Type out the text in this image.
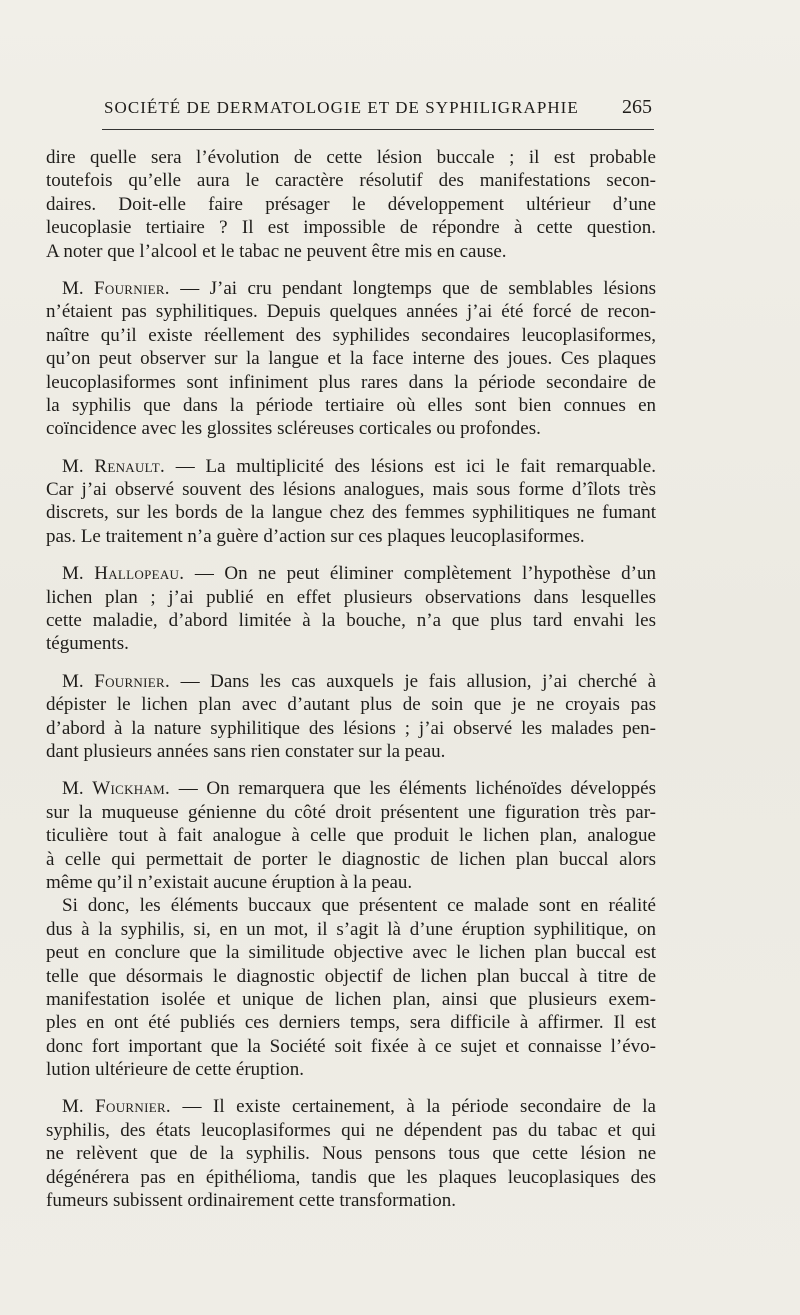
SOCIÉTÉ DE DERMATOLOGIE ET DE SYPHILIGRAPHIE 265
dire quelle sera l’évolution de cette lésion buccale ; il est probable
toutefois qu’elle aura le caractère résolutif des manifestations secon-
daires. Doit-elle faire présager le développement ultérieur d’une
leucoplasie tertiaire ? Il est impossible de répondre à cette question.
A noter que l’alcool et le tabac ne peuvent être mis en cause.
M. Fournier. — J’ai cru pendant longtemps que de semblables lésions
n’étaient pas syphilitiques. Depuis quelques années j’ai été forcé de recon-
naître qu’il existe réellement des syphilides secondaires leucoplasiformes,
qu’on peut observer sur la langue et la face interne des joues. Ces plaques
leucoplasiformes sont infiniment plus rares dans la période secondaire de
la syphilis que dans la période tertiaire où elles sont bien connues en
coïncidence avec les glossites scléreuses corticales ou profondes.
M. Renault. — La multiplicité des lésions est ici le fait remarquable.
Car j’ai observé souvent des lésions analogues, mais sous forme d’îlots très
discrets, sur les bords de la langue chez des femmes syphilitiques ne fumant
pas. Le traitement n’a guère d’action sur ces plaques leucoplasiformes.
M. Hallopeau. — On ne peut éliminer complètement l’hypothèse d’un
lichen plan ; j’ai publié en effet plusieurs observations dans lesquelles
cette maladie, d’abord limitée à la bouche, n’a que plus tard envahi les
téguments.
M. Fournier. — Dans les cas auxquels je fais allusion, j’ai cherché à
dépister le lichen plan avec d’autant plus de soin que je ne croyais pas
d’abord à la nature syphilitique des lésions ; j’ai observé les malades pen-
dant plusieurs années sans rien constater sur la peau.
M. Wickham. — On remarquera que les éléments lichénoïdes développés
sur la muqueuse génienne du côté droit présentent une figuration très par-
ticulière tout à fait analogue à celle que produit le lichen plan, analogue
à celle qui permettait de porter le diagnostic de lichen plan buccal alors
même qu’il n’existait aucune éruption à la peau.
Si donc, les éléments buccaux que présentent ce malade sont en réalité
dus à la syphilis, si, en un mot, il s’agit là d’une éruption syphilitique, on
peut en conclure que la similitude objective avec le lichen plan buccal est
telle que désormais le diagnostic objectif de lichen plan buccal à titre de
manifestation isolée et unique de lichen plan, ainsi que plusieurs exem-
ples en ont été publiés ces derniers temps, sera difficile à affirmer. Il est
donc fort important que la Société soit fixée à ce sujet et connaisse l’évo-
lution ultérieure de cette éruption.
M. Fournier. — Il existe certainement, à la période secondaire de la
syphilis, des états leucoplasiformes qui ne dépendent pas du tabac et qui
ne relèvent que de la syphilis. Nous pensons tous que cette lésion ne
dégénérera pas en épithélioma, tandis que les plaques leucoplasiques des
fumeurs subissent ordinairement cette transformation.
